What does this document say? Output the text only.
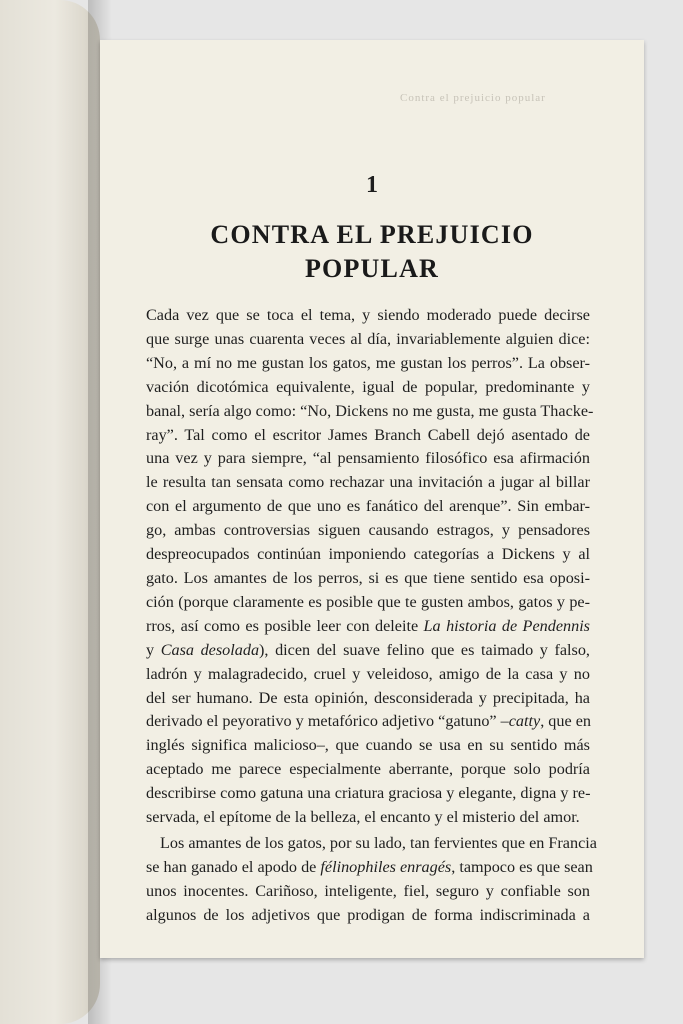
Contra el prejuicio popular
1
CONTRA EL PREJUICIO
POPULAR

Cada vez que se toca el tema, y siendo moderado puede decirse
que surge unas cuarenta veces al día, invariablemente alguien dice:
“No, a mí no me gustan los gatos, me gustan los perros”. La obser-
vación dicotómica equivalente, igual de popular, predominante y
banal, sería algo como: “No, Dickens no me gusta, me gusta Thacke-
ray”. Tal como el escritor James Branch Cabell dejó asentado de
una vez y para siempre, “al pensamiento filosófico esa afirmación
le resulta tan sensata como rechazar una invitación a jugar al billar
con el argumento de que uno es fanático del arenque”. Sin embar-
go, ambas controversias siguen causando estragos, y pensadores
despreocupados continúan imponiendo categorías a Dickens y al
gato. Los amantes de los perros, si es que tiene sentido esa oposi-
ción (porque claramente es posible que te gusten ambos, gatos y pe-
rros, así como es posible leer con deleite La historia de Pendennis
y Casa desolada), dicen del suave felino que es taimado y falso,
ladrón y malagradecido, cruel y veleidoso, amigo de la casa y no
del ser humano. De esta opinión, desconsiderada y precipitada, ha
derivado el peyorativo y metafórico adjetivo “gatuno” –catty, que en
inglés significa malicioso–, que cuando se usa en su sentido más
aceptado me parece especialmente aberrante, porque solo podría
describirse como gatuna una criatura graciosa y elegante, digna y re-
servada, el epítome de la belleza, el encanto y el misterio del amor.

Los amantes de los gatos, por su lado, tan fervientes que en Francia
se han ganado el apodo de félinophiles enragés, tampoco es que sean
unos inocentes. Cariñoso, inteligente, fiel, seguro y confiable son
algunos de los adjetivos que prodigan de forma indiscriminada a
